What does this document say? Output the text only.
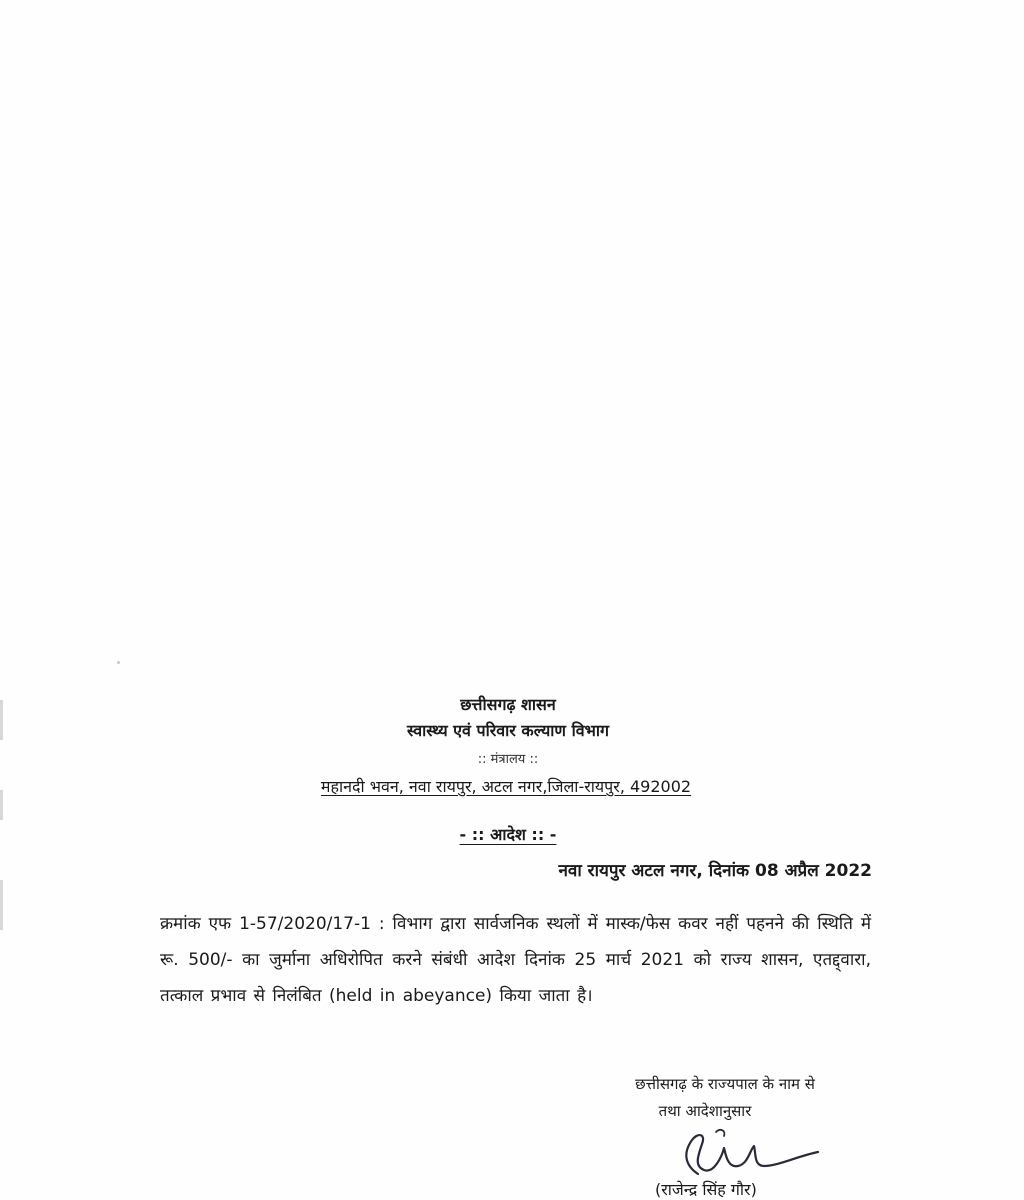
छत्तीसगढ़ शासन
स्वास्थ्य एवं परिवार कल्याण विभाग
:: मंत्रालय ::
महानदी भवन, नवा रायपुर, अटल नगर,जिला-रायपुर, 492002
- :: आदेश :: -
नवा रायपुर अटल नगर, दिनांक 08 अप्रैल 2022
क्रमांक एफ 1-57/2020/17-1 : विभाग द्वारा सार्वजनिक स्थलों में मास्क/फेस कवर नहीं पहनने की स्थिति में रू. 500/- का जुर्माना अधिरोपित करने संबंधी आदेश दिनांक 25 मार्च 2021 को राज्य शासन, एतद्द्वारा, तत्काल प्रभाव से निलंबित (held in abeyance) किया जाता है।
छत्तीसगढ़ के राज्यपाल के नाम से
तथा आदेशानुसार
(राजेन्द्र सिंह गौर)
